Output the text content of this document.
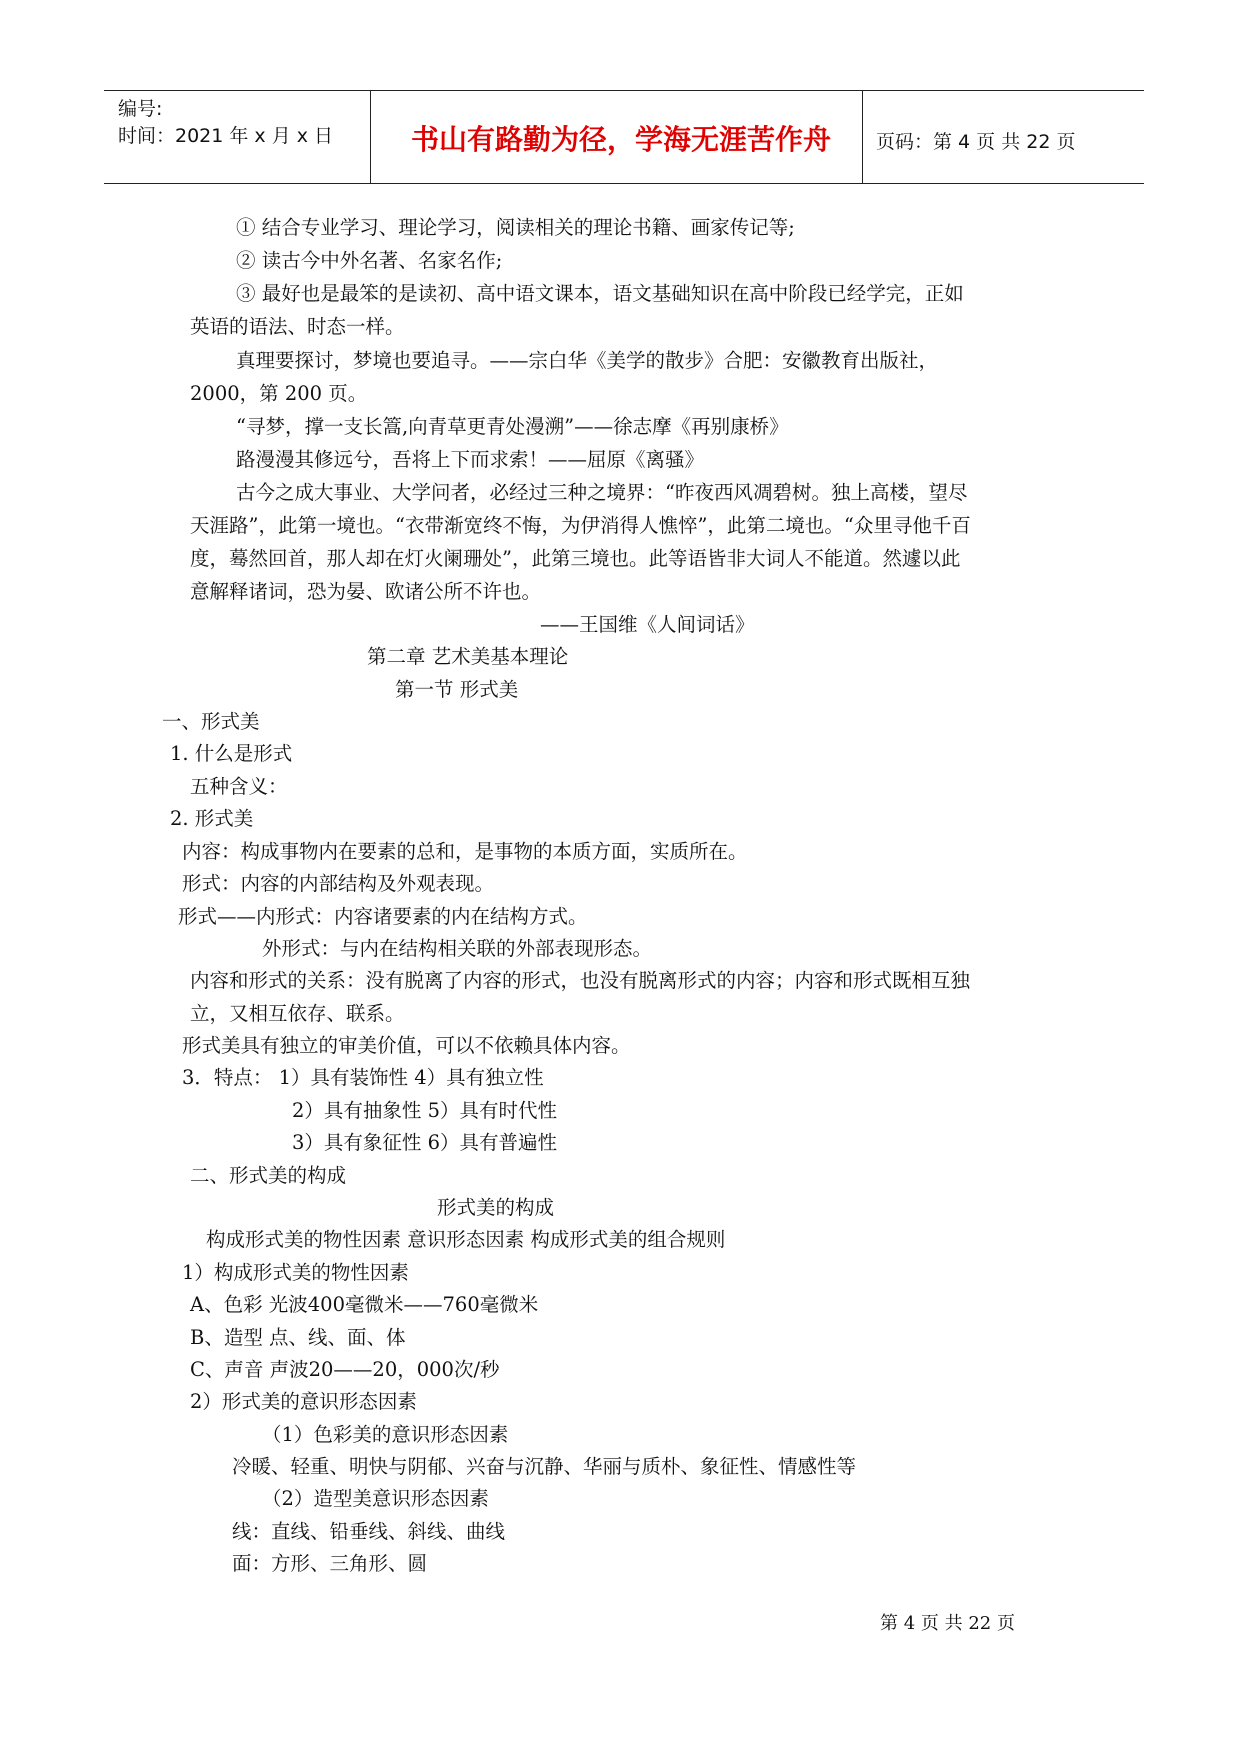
编号:
时间：2021 年 x 月 x 日	书山有路勤为径，学海无涯苦作舟	页码：第 4 页 共 22 页
① 结合专业学习、理论学习，阅读相关的理论书籍、画家传记等;
② 读古今中外名著、名家名作;
③ 最好也是最笨的是读初、高中语文课本，语文基础知识在高中阶段已经学完，正如
英语的语法、时态一样。
真理要探讨，梦境也要追寻。——宗白华《美学的散步》合肥：安徽教育出版社，
2000，第 200 页。
“寻梦，撑一支长篙,向青草更青处漫溯”——徐志摩《再别康桥》
路漫漫其修远兮，吾将上下而求索！——屈原《离骚》
古今之成大事业、大学问者，必经过三种之境界：“昨夜西风凋碧树。独上高楼，望尽
天涯路”，此第一境也。“衣带渐宽终不悔，为伊消得人憔悴”，此第二境也。“众里寻他千百
度，蓦然回首，那人却在灯火阑珊处”，此第三境也。此等语皆非大词人不能道。然遽以此
意解释诸词，恐为晏、欧诸公所不许也。
——王国维《人间词话》
第二章 艺术美基本理论
第一节 形式美
一、形式美
1. 什么是形式
五种含义：
2. 形式美
内容：构成事物内在要素的总和，是事物的本质方面，实质所在。
形式：内容的内部结构及外观表现。
形式——内形式：内容诸要素的内在结构方式。
外形式：与内在结构相关联的外部表现形态。
内容和形式的关系：没有脱离了内容的形式，也没有脱离形式的内容；内容和形式既相互独
立，又相互依存、联系。
形式美具有独立的审美价值，可以不依赖具体内容。
3．特点： 1）具有装饰性 4）具有独立性
2）具有抽象性 5）具有时代性
3）具有象征性 6）具有普遍性
二、形式美的构成
形式美的构成
构成形式美的物性因素 意识形态因素 构成形式美的组合规则
1）构成形式美的物性因素
A、色彩 光波400毫微米——760毫微米
B、造型 点、线、面、体
C、声音 声波20——20，000次/秒
2）形式美的意识形态因素
（1）色彩美的意识形态因素
冷暖、轻重、明快与阴郁、兴奋与沉静、华丽与质朴、象征性、情感性等
（2）造型美意识形态因素
线：直线、铅垂线、斜线、曲线
面：方形、三角形、圆
第 4 页 共 22 页
